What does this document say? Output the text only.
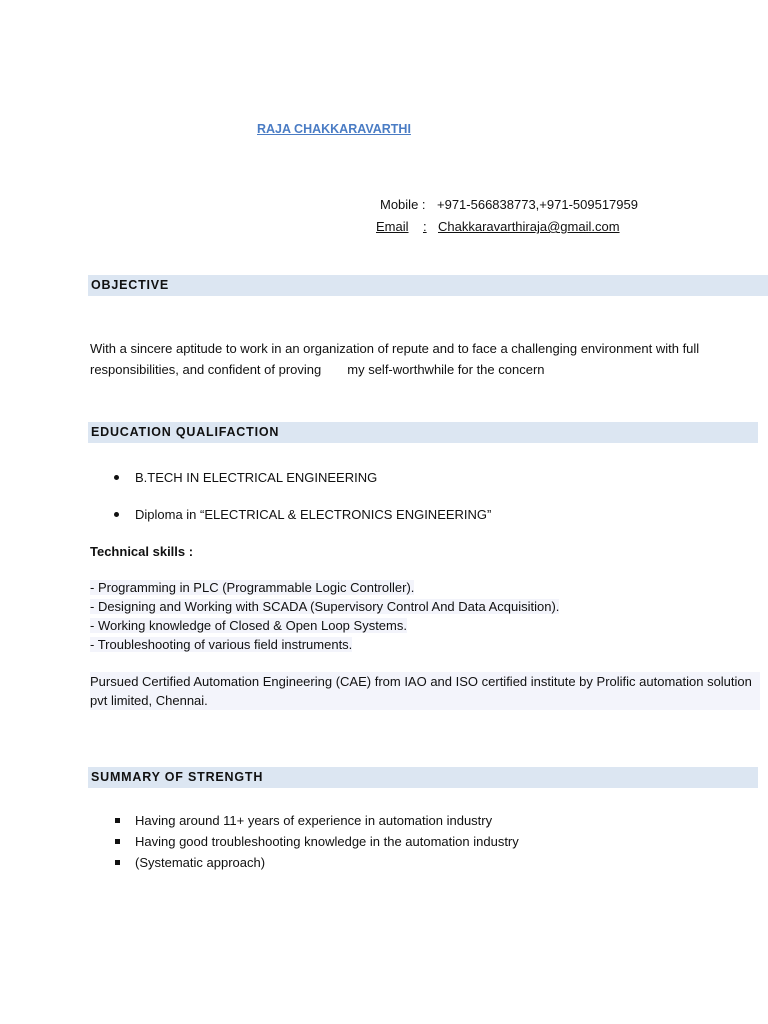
RAJA CHAKKARAVARTHI
Mobile : +971-566838773,+971-509517959
Email : Chakkaravarthiraja@gmail.com
OBJECTIVE
With a sincere aptitude to work in an organization of repute and to face a challenging environment with full responsibilities, and confident of proving my self-worthwhile for the concern
EDUCATION QUALIFACTION
B.TECH IN ELECTRICAL ENGINEERING
Diploma in “ELECTRICAL & ELECTRONICS ENGINEERING”
Technical skills :
- Programming in PLC (Programmable Logic Controller).
- Designing and Working with SCADA (Supervisory Control And Data Acquisition).
- Working knowledge of Closed & Open Loop Systems.
- Troubleshooting of various field instruments.
Pursued Certified Automation Engineering (CAE) from IAO and ISO certified institute by Prolific automation solution pvt limited, Chennai.
SUMMARY OF STRENGTH
Having around 11+ years of experience in automation industry
Having good troubleshooting knowledge in the automation industry
(Systematic approach)
